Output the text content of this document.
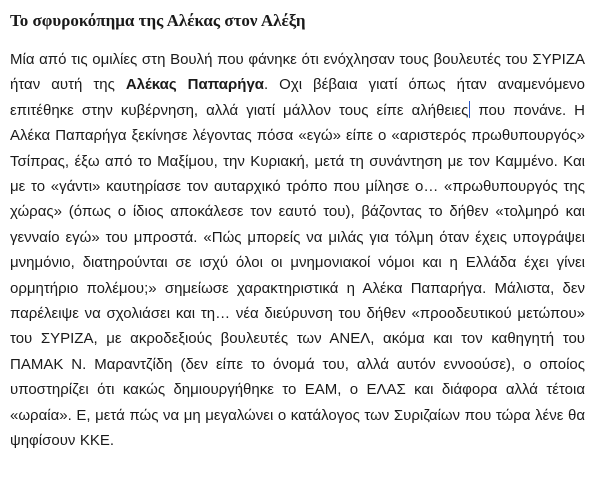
Το σφυροκόπημα της Αλέκας στον Αλέξη

Μία από τις ομιλίες στη Βουλή που φάνηκε ότι ενόχλησαν τους βουλευτές του ΣΥΡΙΖΑ ήταν αυτή της Αλέκας Παπαρήγα. Οχι βέβαια γιατί όπως ήταν αναμενόμενο επιτέθηκε στην κυβέρνηση, αλλά γιατί μάλλον τους είπε αλήθειες που πονάνε. Η Αλέκα Παπαρήγα ξεκίνησε λέγοντας πόσα «εγώ» είπε ο «αριστερός πρωθυπουργός» Τσίπρας, έξω από το Μαξίμου, την Κυριακή, μετά τη συνάντηση με τον Καμμένο. Και με το «γάντι» καυτηρίασε τον αυταρχικό τρόπο που μίλησε ο… «πρωθυπουργός της χώρας» (όπως ο ίδιος αποκάλεσε τον εαυτό του), βάζοντας το δήθεν «τολμηρό και γενναίο εγώ» του μπροστά. «Πώς μπορείς να μιλάς για τόλμη όταν έχεις υπογράψει μνημόνιο, διατηρούνται σε ισχύ όλοι οι μνημονιακοί νόμοι και η Ελλάδα έχει γίνει ορμητήριο πολέμου;» σημείωσε χαρακτηριστικά η Αλέκα Παπαρήγα. Μάλιστα, δεν παρέλειψε να σχολιάσει και τη… νέα διεύρυνση του δήθεν «προοδευτικού μετώπου» του ΣΥΡΙΖΑ, με ακροδεξιούς βουλευτές των ΑΝΕΛ, ακόμα και τον καθηγητή του ΠΑΜΑΚ Ν. Μαραντζίδη (δεν είπε το όνομά του, αλλά αυτόν εννοούσε), ο οποίος υποστηρίζει ότι κακώς δημιουργήθηκε το ΕΑΜ, ο ΕΛΑΣ και διάφορα αλλά τέτοια «ωραία». Ε, μετά πώς να μη μεγαλώνει ο κατάλογος των Συριζαίων που τώρα λένε θα ψηφίσουν ΚΚΕ.
